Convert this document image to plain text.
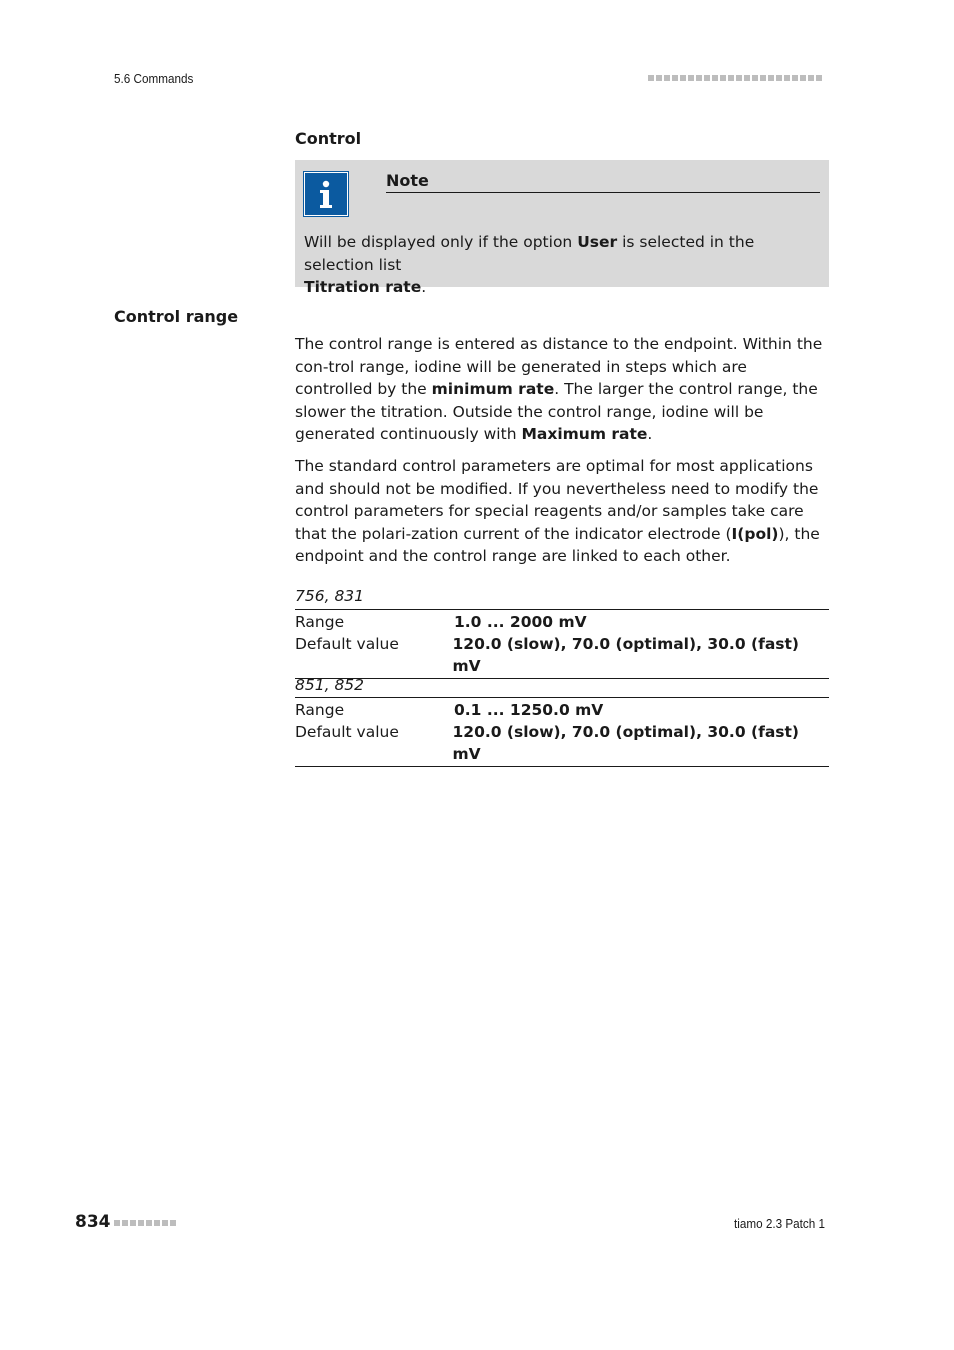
5.6 Commands
Control
Note
Will be displayed only if the option User is selected in the selection list
Titration rate.
Control range
The control range is entered as distance to the endpoint. Within the con-trol range, iodine will be generated in steps which are controlled by the minimum rate. The larger the control range, the slower the titration. Outside the control range, iodine will be generated continuously with Maximum rate.
The standard control parameters are optimal for most applications and should not be modified. If you nevertheless need to modify the control parameters for special reagents and/or samples take care that the polari-zation current of the indicator electrode (I(pol)), the endpoint and the control range are linked to each other.
756, 831
Range	1.0 ... 2000 mV
Default value	120.0 (slow), 70.0 (optimal), 30.0 (fast) mV
851, 852
Range	0.1 ... 1250.0 mV
Default value	120.0 (slow), 70.0 (optimal), 30.0 (fast) mV
834	tiamo 2.3 Patch 1
